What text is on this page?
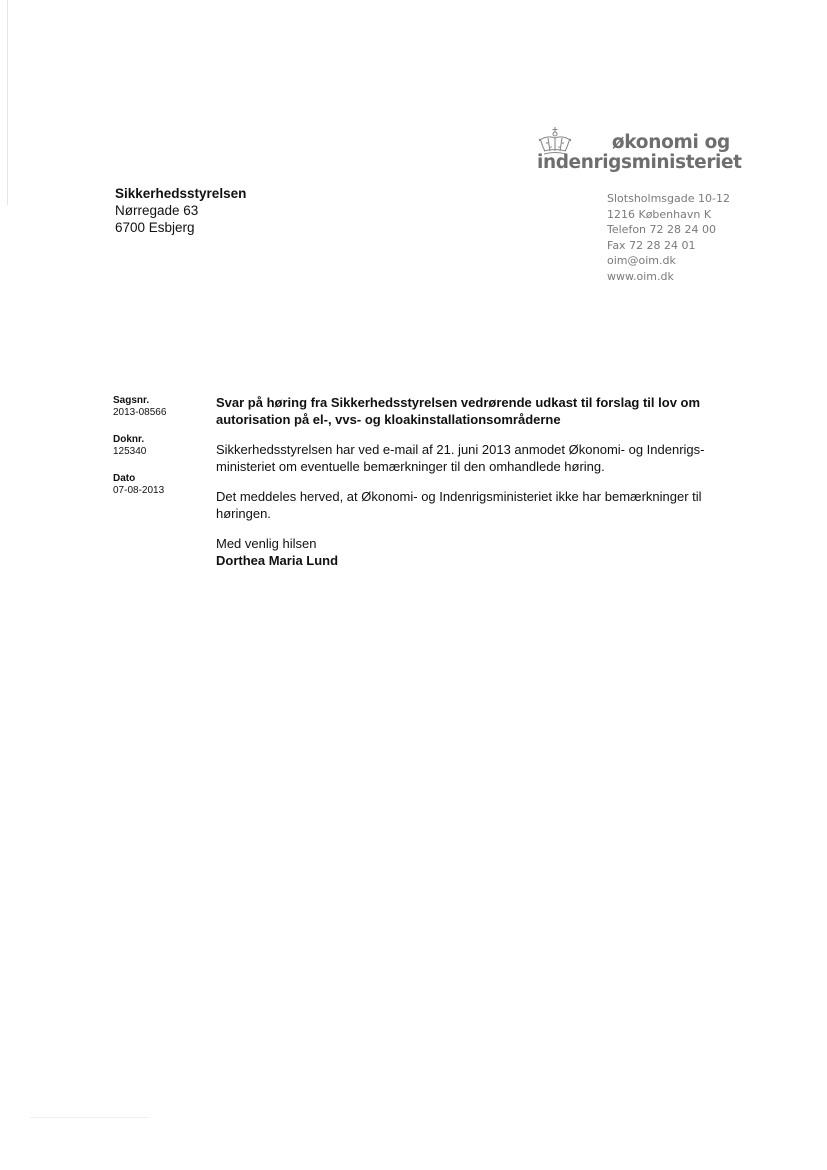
Sikkerhedsstyrelsen
Nørregade 63
6700 Esbjerg
økonomi og
indenrigsministeriet
Slotsholmsgade 10-12
1216 København K
Telefon 72 28 24 00
Fax 72 28 24 01
oim@oim.dk
www.oim.dk
Sagsnr.
2013-08566
Doknr.
125340
Dato
07-08-2013
Svar på høring fra Sikkerhedsstyrelsen vedrørende udkast til forslag til lov om autorisation på el-, vvs- og kloakinstallationsområderne

Sikkerhedsstyrelsen har ved e-mail af 21. juni 2013 anmodet Økonomi- og Indenrigs-ministeriet om eventuelle bemærkninger til den omhandlede høring.

Det meddeles herved, at Økonomi- og Indenrigsministeriet ikke har bemærkninger til høringen.

Med venlig hilsen
Dorthea Maria Lund
